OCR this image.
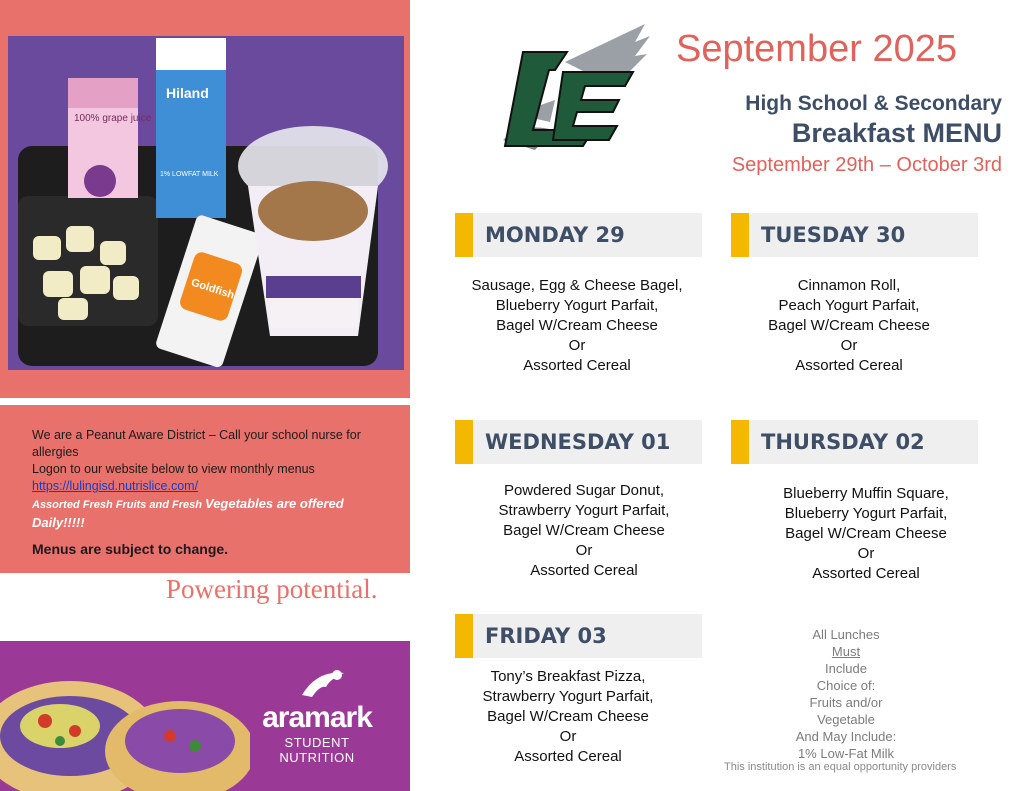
100% grape juice
Hiland
1% LOWFAT MILK
Goldfish
We are a Peanut Aware District – Call your school nurse for allergies
Logon to our website below to view monthly menus
https://lulingisd.nutrislice.com/
Assorted Fresh Fruits and Fresh Vegetables are offered Daily!!!!!
Menus are subject to change.
Powering potential.
aramark
STUDENT
NUTRITION
September 2025
High School & Secondary
Breakfast MENU
September 29th – October 3rd
MONDAY 29
Sausage, Egg & Cheese Bagel,
Blueberry Yogurt Parfait,
Bagel W/Cream Cheese
Or
Assorted Cereal
TUESDAY 30
Cinnamon Roll,
Peach Yogurt Parfait,
Bagel W/Cream Cheese
Or
Assorted Cereal
WEDNESDAY 01
Powdered Sugar Donut,
Strawberry Yogurt Parfait,
Bagel W/Cream Cheese
Or
Assorted Cereal
THURSDAY 02
Blueberry Muffin Square,
Blueberry Yogurt Parfait,
Bagel W/Cream Cheese
Or
Assorted Cereal
FRIDAY 03
Tony’s Breakfast Pizza,
Strawberry Yogurt Parfait,
Bagel W/Cream Cheese
Or
Assorted Cereal
All Lunches
Must
Include
Choice of:
Fruits and/or
Vegetable
And May Include:
1% Low-Fat Milk
This institution is an equal opportunity providers
